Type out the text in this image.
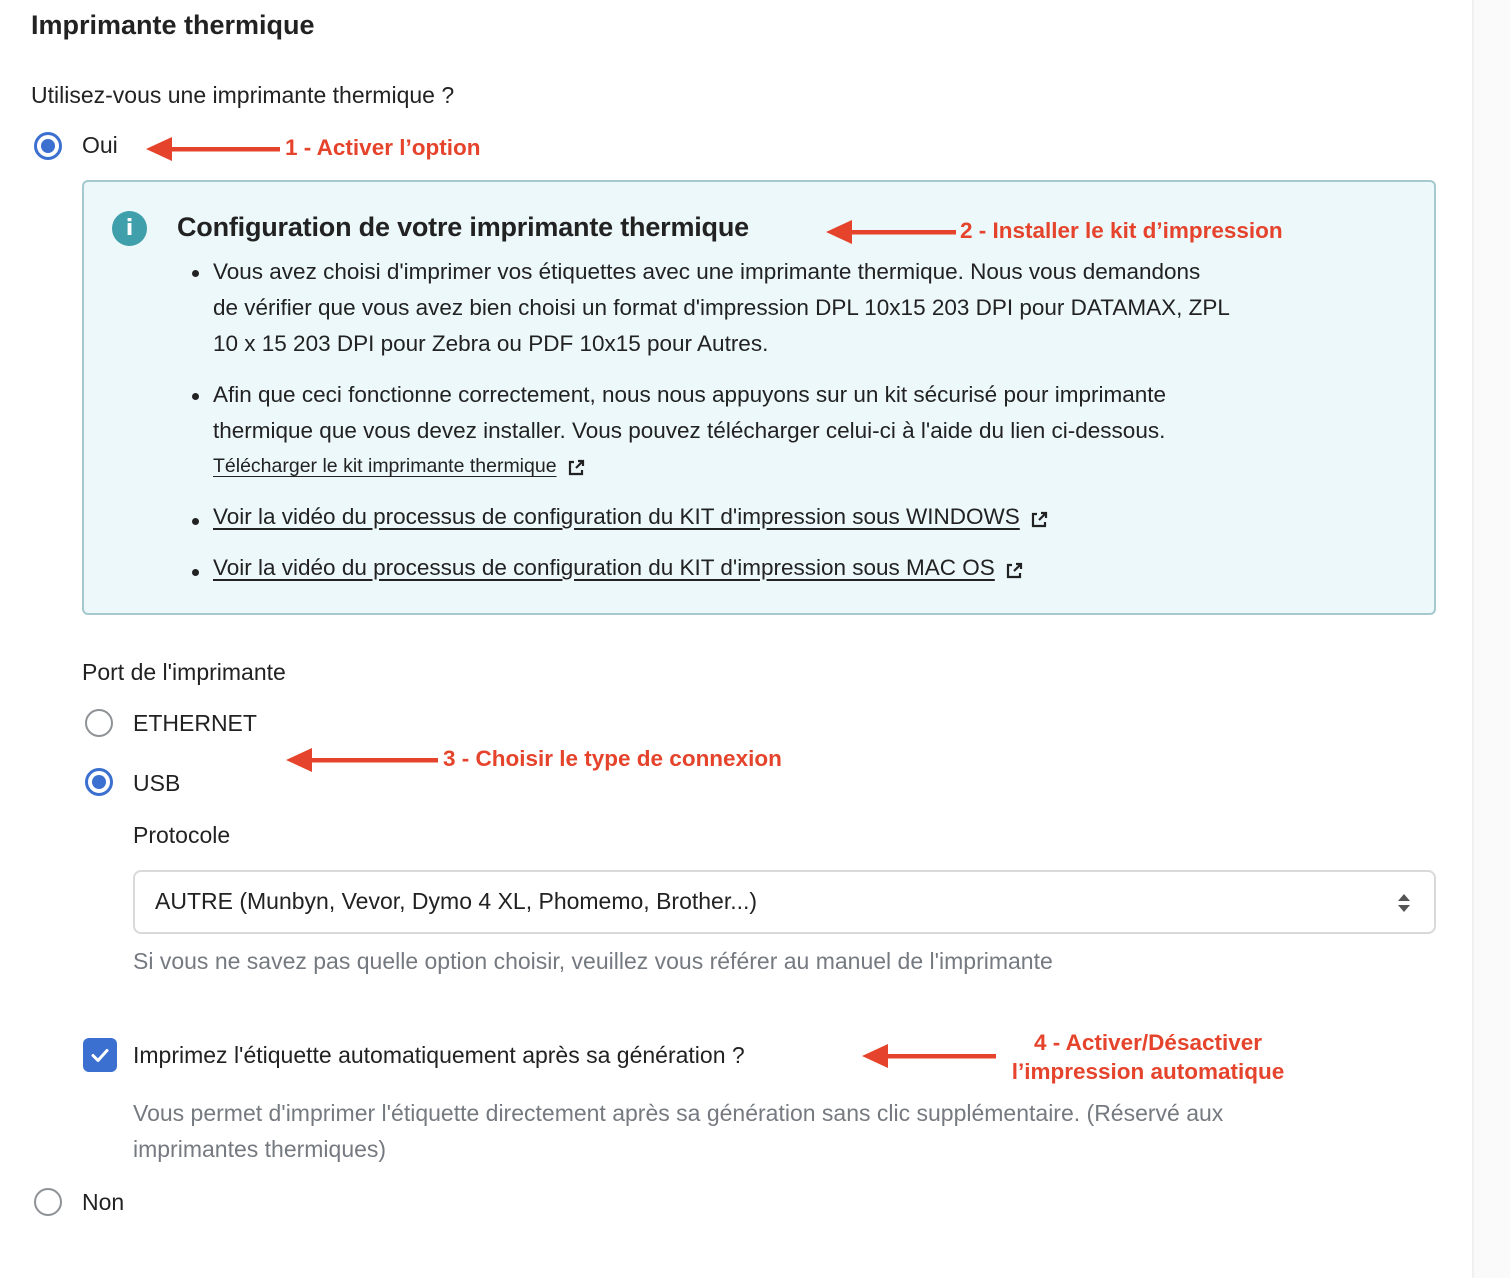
Imprimante thermique
Utilisez-vous une imprimante thermique ?
Oui	1 - Activer l’option
i	Configuration de votre imprimante thermique	2 - Installer le kit d’impression
Vous avez choisi d'imprimer vos étiquettes avec une imprimante thermique. Nous vous demandons
de vérifier que vous avez bien choisi un format d'impression DPL 10x15 203 DPI pour DATAMAX, ZPL
10 x 15 203 DPI pour Zebra ou PDF 10x15 pour Autres.
Afin que ceci fonctionne correctement, nous nous appuyons sur un kit sécurisé pour imprimante
thermique que vous devez installer. Vous pouvez télécharger celui-ci à l'aide du lien ci-dessous.
Télécharger le kit imprimante thermique
Voir la vidéo du processus de configuration du KIT d'impression sous WINDOWS
Voir la vidéo du processus de configuration du KIT d'impression sous MAC OS
Port de l'imprimante
ETHERNET
USB
3 - Choisir le type de connexion
Protocole
AUTRE (Munbyn, Vevor, Dymo 4 XL, Phomemo, Brother...)
Si vous ne savez pas quelle option choisir, veuillez vous référer au manuel de l'imprimante
Imprimez l'étiquette automatiquement après sa génération ?	4 - Activer/Désactiver
l’impression automatique
Vous permet d'imprimer l'étiquette directement après sa génération sans clic supplémentaire. (Réservé aux
imprimantes thermiques)
Non
